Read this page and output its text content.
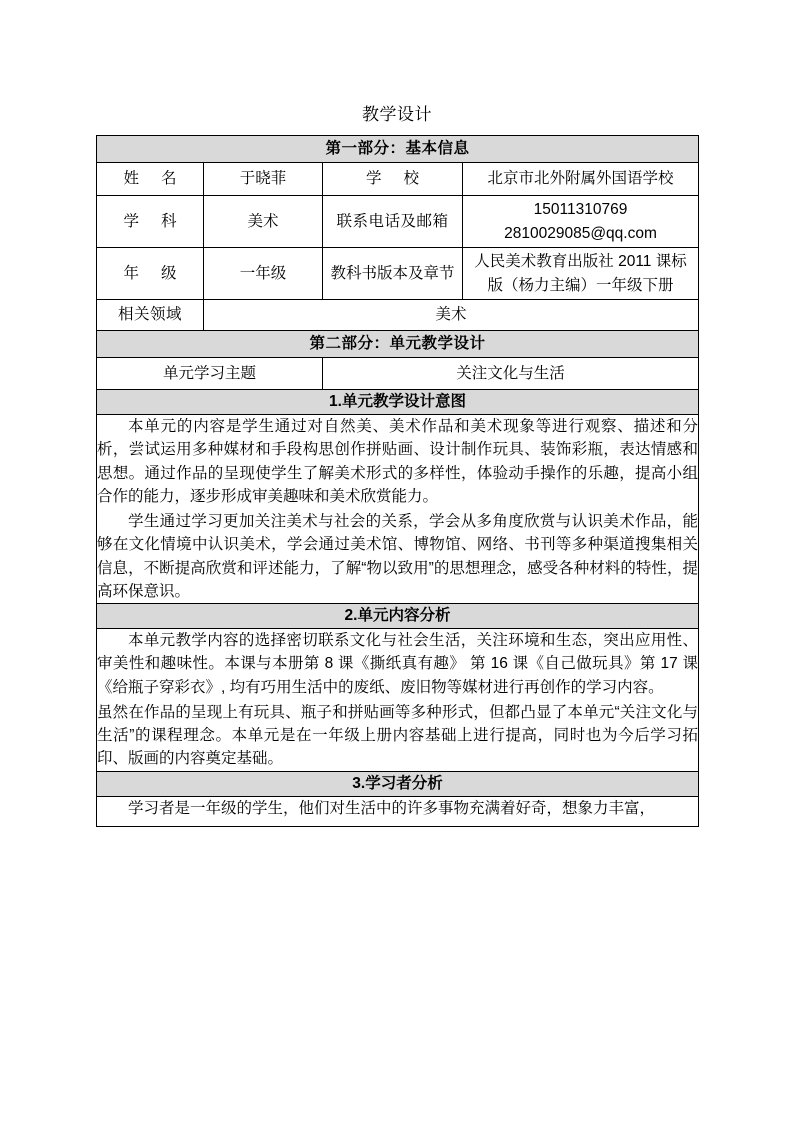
教学设计
第一部分：基本信息			
姓 名	于晓菲	学 校	北京市北外附属外国语学校
学 科	美术	联系电话及邮箱	15011310769
2810029085@qq.com

年 级	一年级	教科书版本及章节	人民美术教育出版社 2011 课标
版（杨力主编）一年级下册

相关领域	美术		
第二部分：单元教学设计			
单元学习主题		关注文化与生活	
1.单元教学设计意图			

本单元的内容是学生通过对自然美、美术作品和美术现象等进行观察、描述和分析，尝试运用多种媒材和手段构思创作拼贴画、设计制作玩具、装饰彩瓶，表达情感和思想。通过作品的呈现使学生了解美术形式的多样性，体验动手操作的乐趣，提高小组合作的能力，逐步形成审美趣味和美术欣赏能力。

学生通过学习更加关注美术与社会的关系，学会从多角度欣赏与认识美术作品，能够在文化情境中认识美术，学会通过美术馆、博物馆、网络、书刊等多种渠道搜集相关信息，不断提高欣赏和评述能力，了解“物以致用”的思想理念，感受各种材料的特性，提高环保意识。			

2.单元内容分析			

本单元教学内容的选择密切联系文化与社会生活，关注环境和生态，突出应用性、审美性和趣味性。本课与本册第 8 课《撕纸真有趣》 第 16 课《自己做玩具》第 17 课《给瓶子穿彩衣》, 均有巧用生活中的废纸、废旧物等媒材进行再创作的学习内容。

虽然在作品的呈现上有玩具、瓶子和拼贴画等多种形式，但都凸显了本单元“关注文化与生活”的课程理念。本单元是在一年级上册内容基础上进行提高，同时也为今后学习拓印、版画的内容奠定基础。			

3.学习者分析			

学习者是一年级的学生，他们对生活中的许多事物充满着好奇，想象力丰富，			
